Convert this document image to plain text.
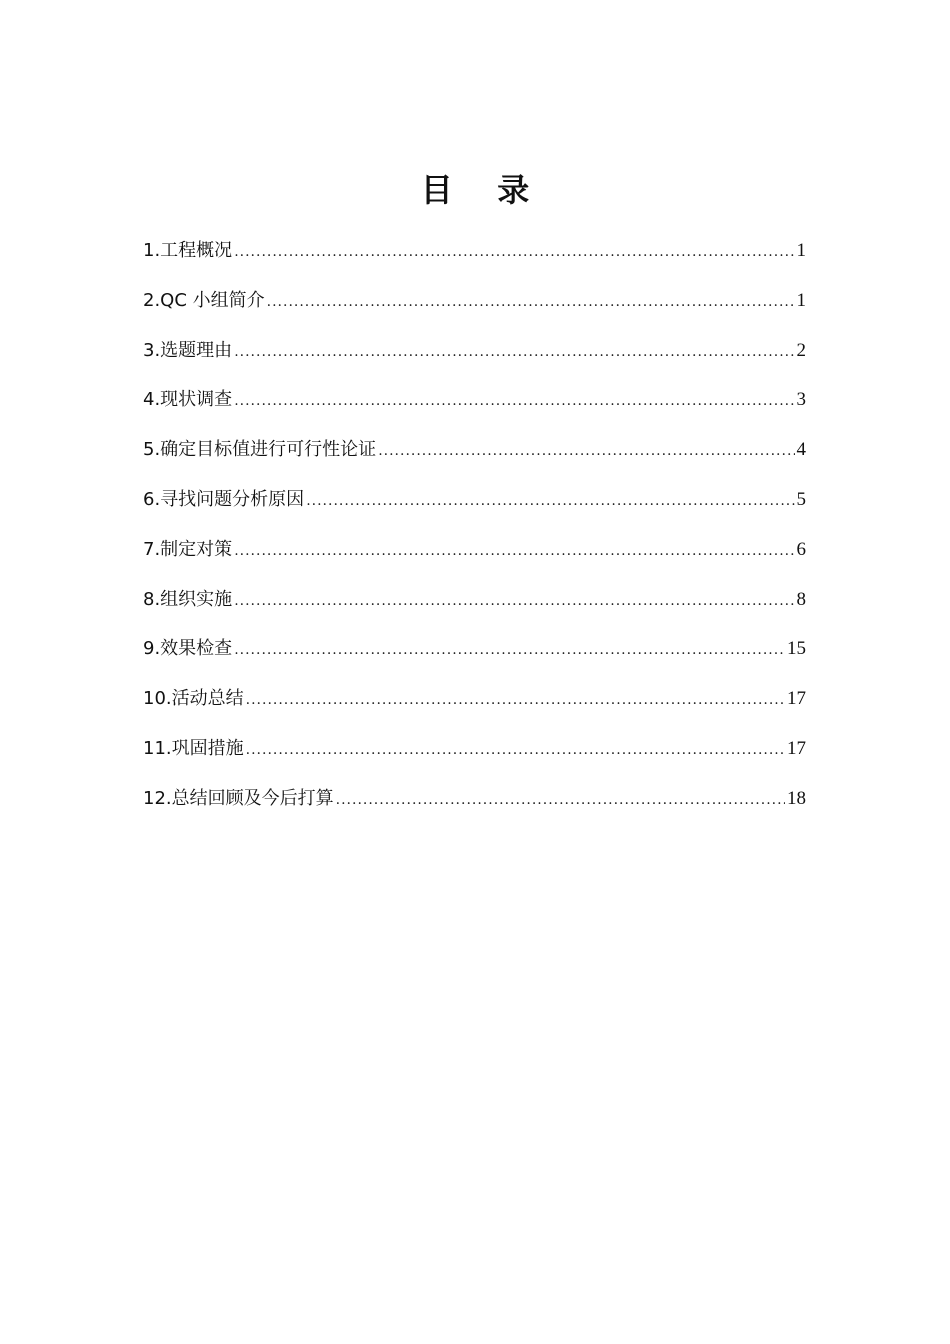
目    录
1.工程概况 .....	1
2.QC 小组简介 .....	1
3.选题理由 .....	2
4.现状调查 .....	3
5.确定目标值进行可行性论证 .....	4
6.寻找问题分析原因 .....	5
7.制定对策 .....	6
8.组织实施 .....	8
9.效果检查 .....	15
10.活动总结 .....	17
11.巩固措施 .....	17
12.总结回顾及今后打算 .....	18
